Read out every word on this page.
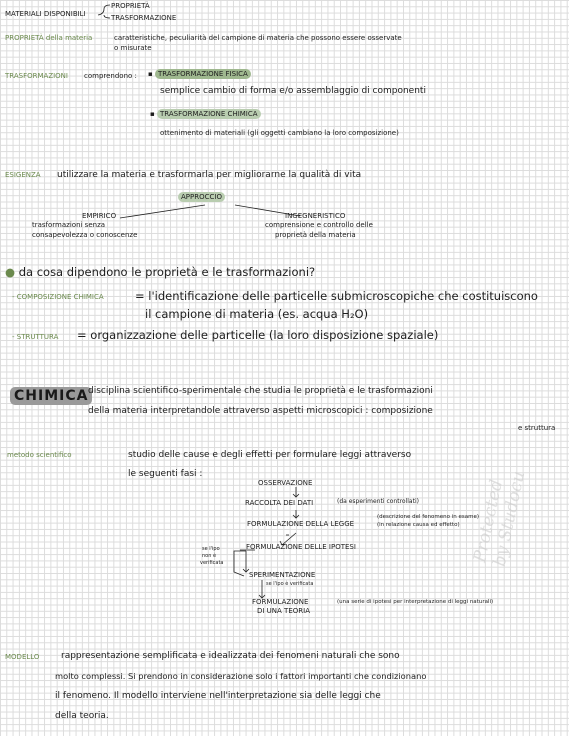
MATERIALI DISPONIBILI
PROPRIETÀ
TRASFORMAZIONE
PROPRIETÀ della materia	caratteristiche, peculiarità del campione di materia che possono essere osservate
o misurate
TRASFORMAZIONI comprendono : ▪ TRASFORMAZIONE FISICA
semplice cambio di forma e/o assemblaggio di componenti
▪ TRASFORMAZIONE CHIMICA
ottenimento di materiali (gli oggetti cambiano la loro composizione)
ESIGENZA utilizzare la materia e trasformarla per migliorarne la qualità di vita
APPROCCIO
EMPIRICO
trasformazioni senza
consapevolezza o conoscenze
INGEGNERISTICO
comprensione e controllo delle
proprietà della materia
● da cosa dipendono le proprietà e le trasformazioni?
- COMPOSIZIONE CHIMICA	= l'identificazione delle particelle submicroscopiche che costituiscono
il campione di materia (es. acqua H₂O)
- STRUTTURA = organizzazione delle particelle (la loro disposizione spaziale)
CHIMICA disciplina scientifico-sperimentale che studia le proprietà e le trasformazioni
della materia interpretandole attraverso aspetti microscopici : composizione
e struttura
metodo scientifico	studio delle cause e degli effetti per formulare leggi attraverso
le seguenti fasi :
OSSERVAZIONE
RACCOLTA DEI DATI	(da esperimenti controllati)
FORMULAZIONE DELLA LEGGE
(descrizione del fenomeno in esame)
(in relazione causa ed effetto)
se l'ipo
non è
verificata
FORMULAZIONE DELLE IPOTESI
SPERIMENTAZIONE
se l'ipo è verificata
FORMULAZIONE
DI UNA TEORIA
(una serie di ipotesi per interpretazione di leggi naturali)
MODELLO rappresentazione semplificata e idealizzata dei fenomeni naturali che sono
molto complessi. Si prendono in considerazione solo i fattori importanti che condizionano
il fenomeno. Il modello interviene nell'interpretazione sia delle leggi che
della teoria.
Protected by Studocu
